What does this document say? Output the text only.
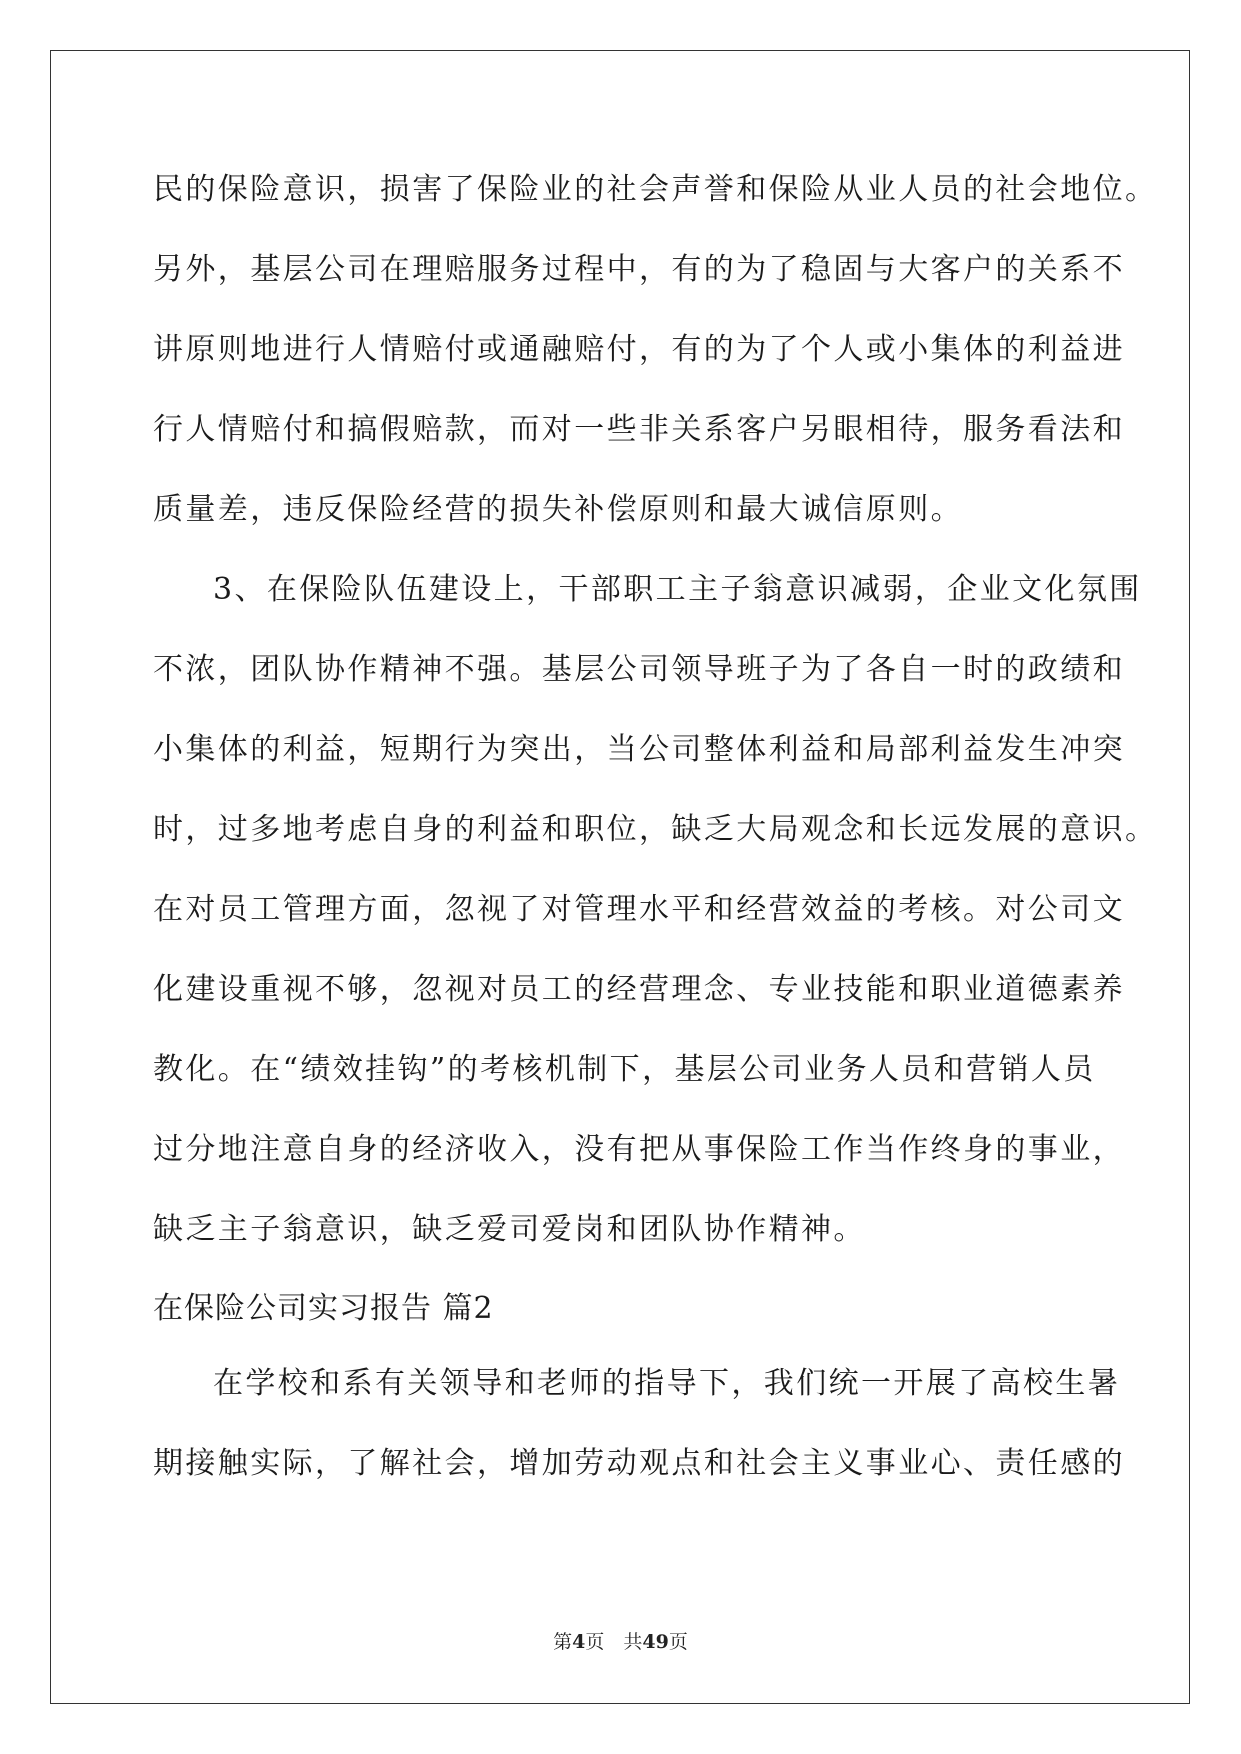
民的保险意识，损害了保险业的社会声誉和保险从业人员的社会地位。
另外，基层公司在理赔服务过程中，有的为了稳固与大客户的关系不
讲原则地进行人情赔付或通融赔付，有的为了个人或小集体的利益进
行人情赔付和搞假赔款，而对一些非关系客户另眼相待，服务看法和
质量差，违反保险经营的损失补偿原则和最大诚信原则。
3、在保险队伍建设上，干部职工主子翁意识减弱，企业文化氛围
不浓，团队协作精神不强。基层公司领导班子为了各自一时的政绩和
小集体的利益，短期行为突出，当公司整体利益和局部利益发生冲突
时，过多地考虑自身的利益和职位，缺乏大局观念和长远发展的意识。
在对员工管理方面，忽视了对管理水平和经营效益的考核。对公司文
化建设重视不够，忽视对员工的经营理念、专业技能和职业道德素养
教化。在“绩效挂钩”的考核机制下，基层公司业务人员和营销人员
过分地注意自身的经济收入，没有把从事保险工作当作终身的事业，
缺乏主子翁意识，缺乏爱司爱岗和团队协作精神。
在保险公司实习报告 篇2
在学校和系有关领导和老师的指导下，我们统一开展了高校生暑
期接触实际，了解社会，增加劳动观点和社会主义事业心、责任感的
第4页　共49页
